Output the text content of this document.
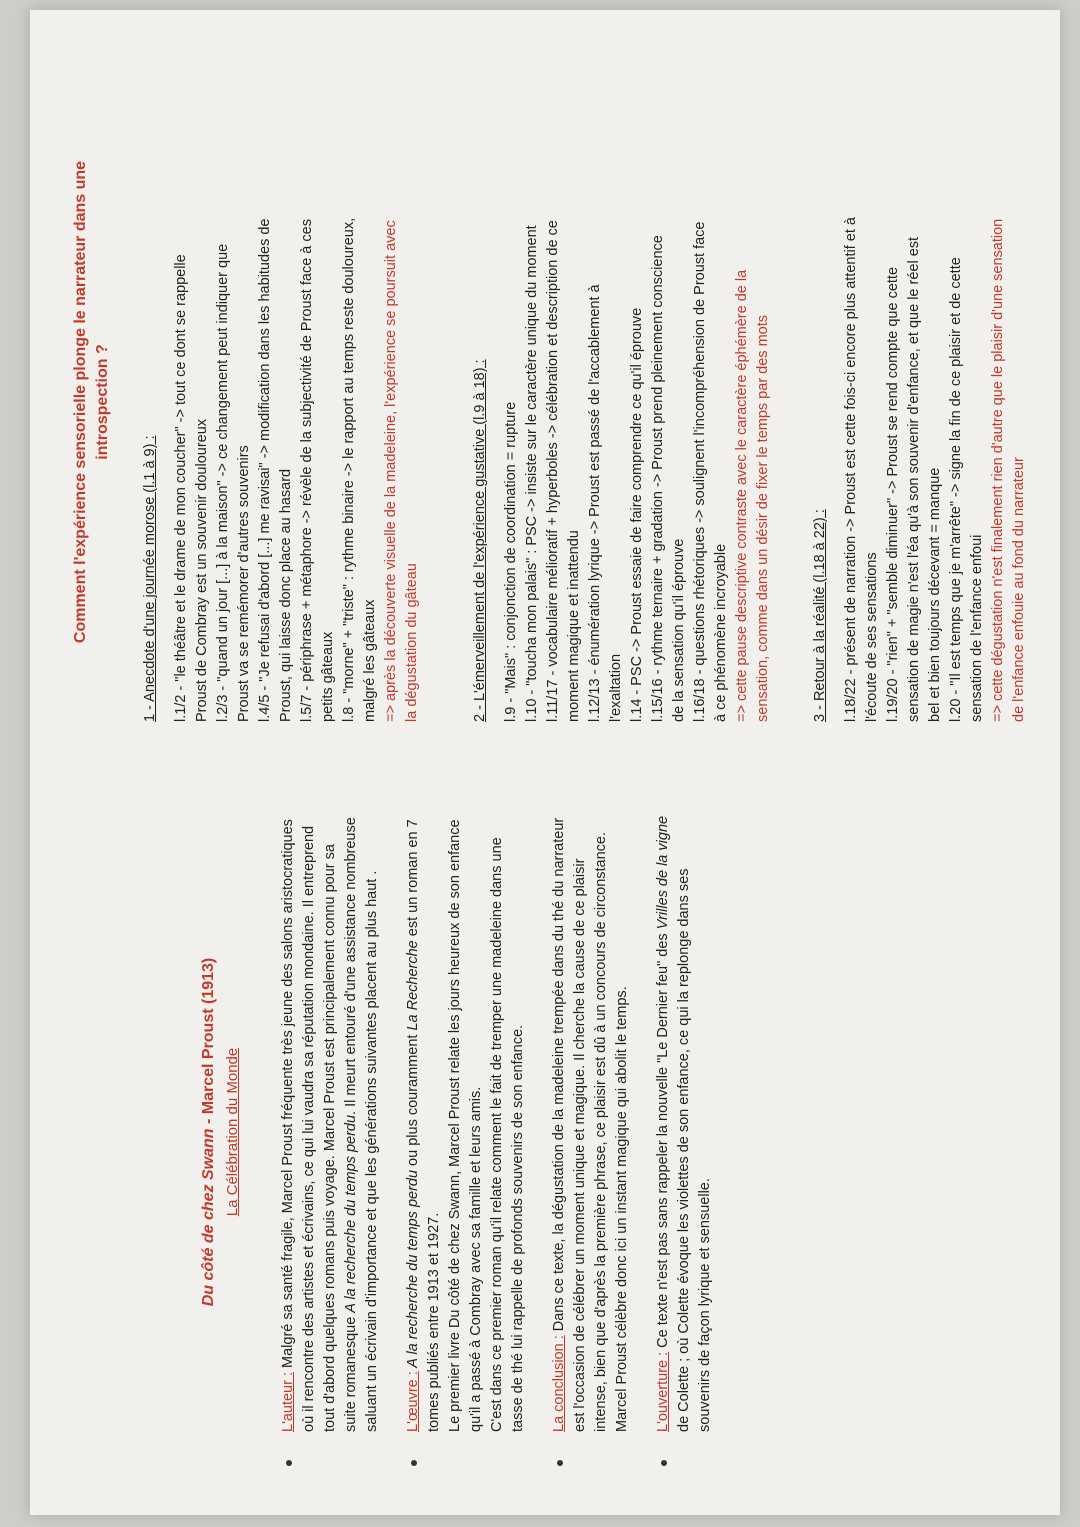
Du côté de chez Swann - Marcel Proust (1913)
La Célébration du Monde
L'auteur : Malgré sa santé fragile, Marcel Proust fréquente très jeune des salons aristocratiques où il rencontre des artistes et écrivains, ce qui lui vaudra sa réputation mondaine. Il entreprend tout d'abord quelques romans puis voyage. Marcel Proust est principalement connu pour sa suite romanesque A la recherche du temps perdu. Il meurt entouré d'une assistance nombreuse saluant un écrivain d'importance et que les générations suivantes placent au plus haut . L'œuvre : A la recherche du temps perdu ou plus couramment La Recherche est un roman en 7 tomes publiés entre 1913 et 1927. Le premier livre Du côté de chez Swann, Marcel Proust relate les jours heureux de son enfance qu'il a passé à Combray avec sa famille et leurs amis. C'est dans ce premier roman qu'il relate comment le fait de tremper une madeleine dans une tasse de thé lui rappelle de profonds souvenirs de son enfance. La conclusion : Dans ce texte, la dégustation de la madeleine trempée dans du thé du narrateur est l'occasion de célébrer un moment unique et magique. Il cherche la cause de ce plaisir intense, bien que d'après la première phrase, ce plaisir est dû à un concours de circonstance. Marcel Proust célèbre donc ici un instant magique qui abolit le temps. L'ouverture : Ce texte n'est pas sans rappeler la nouvelle "Le Dernier feu" des Vrilles de la vigne de Colette ; où Colette évoque les violettes de son enfance, ce qui la replonge dans ses souvenirs de façon lyrique et sensuelle.
Comment l'expérience sensorielle plonge le narrateur dans une introspection ?
1 - Anecdote d'une journée morose (l.1 à 9) : l.1/2 - "le théâtre et le drame de mon coucher" -> tout ce dont se rappelle Proust de Combray est un souvenir douloureux l.2/3 - "quand un jour [...] à la maison" -> ce changement peut indiquer que Proust va se remémorer d'autres souvenirs l.4/5 - "Je refusai d'abord [...] me ravisai" -> modification dans les habitudes de Proust, qui laisse donc place au hasard l.5/7 - périphrase + métaphore -> révèle de la subjectivité de Proust face à ces petits gâteaux l.8 - "morne" + "triste" : rythme binaire -> le rapport au temps reste douloureux, malgré les gâteaux => après la découverte visuelle de la madeleine, l'expérience se poursuit avec la dégustation du gâteau	2 - L'émerveillement de l'expérience gustative (l.9 à 18) : l.9 - "Mais" : conjonction de coordination = rupture l.10 - "toucha mon palais" : PSC -> insiste sur le caractère unique du moment l.11/17 - vocabulaire mélioratif + hyperboles -> célébration et description de ce moment magique et inattendu l.12/13 - énumération lyrique -> Proust est passé de l'accablement à l'exaltation l.14 - PSC -> Proust essaie de faire comprendre ce qu'il éprouve l.15/16 - rythme ternaire + gradation -> Proust prend pleinement conscience de la sensation qu'il éprouve l.16/18 - questions rhétoriques -> soulignent l'incompréhension de Proust face à ce phénomène incroyable => cette pause descriptive contraste avec le caractère éphémère de la sensation, comme dans un désir de fixer le temps par des mots	3 - Retour à la réalité (l.18 à 22) : l.18/22 - présent de narration -> Proust est cette fois-ci encore plus attentif et à l'écoute de ses sensations l.19/20 - "rien" + "semble diminuer" -> Proust se rend compte que cette sensation de magie n'est l'éa qu'à son souvenir d'enfance, et que le réel est bel et bien toujours décevant = manque l.20 - "Il est temps que je m'arrête" -> signe la fin de ce plaisir et de cette sensation de l'enfance enfoui => cette dégustation n'est finalement rien d'autre que le plaisir d'une sensation de l'enfance enfouie au fond du narrateur
